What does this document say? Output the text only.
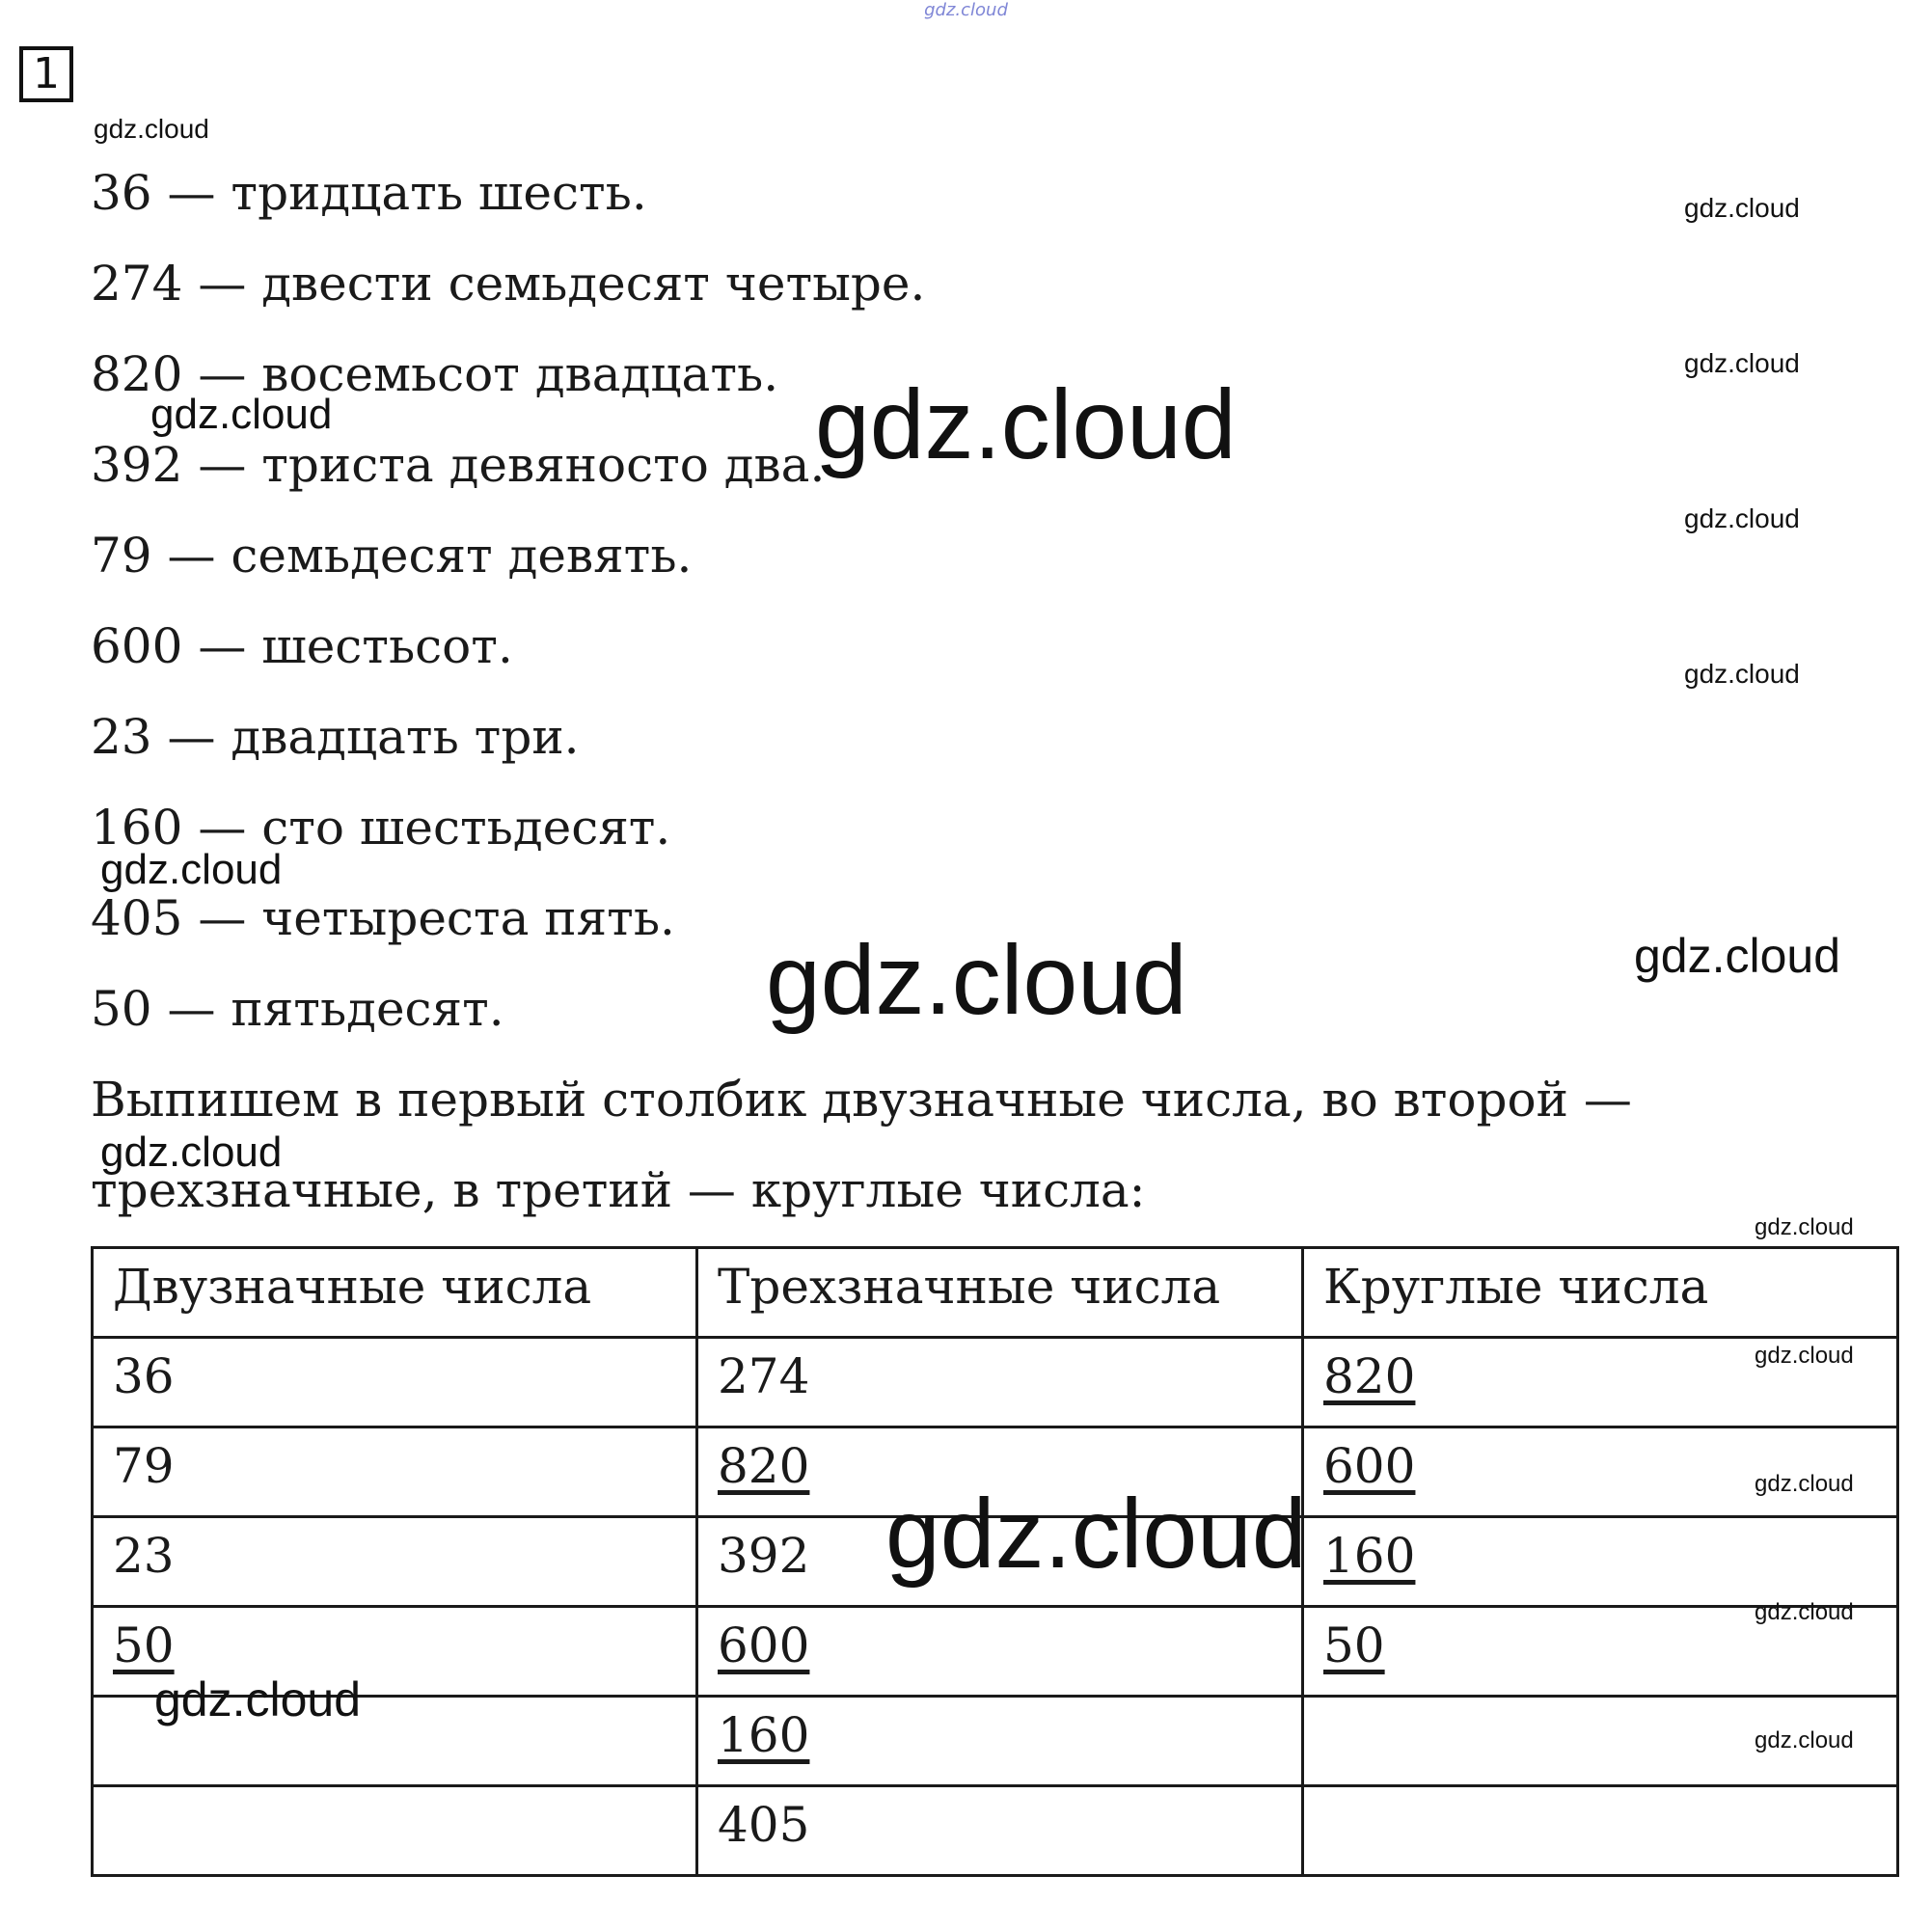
gdz.cloud
1
gdz.cloud
36 — тридцать шесть.
274 — двести семьдесят четыре.
820 — восемьсот двадцать.
392 — триста девяносто два.
79 — семьдесят девять.
600 — шестьсот.
23 — двадцать три.
160 — сто шестьдесят.
405 — четыреста пять.
50 — пятьдесят.
Выпишем в первый столбик двузначные числа, во второй —
трехзначные, в третий — круглые числа:
Двузначные числа	Трехзначные числа	Круглые числа
36	274	820
79	820	600
23	392	160
50	600	50
	160	
	405	
gdz.cloud
gdz.cloud
gdz.cloud
gdz.cloud
gdz.cloud	gdz.cloud
gdz.cloud
gdz.cloud	gdz.cloud
gdz.cloud
gdz.cloud
gdz.cloud
gdz.cloud
gdz.cloud
gdz.cloud
gdz.cloud
gdz.cloud
